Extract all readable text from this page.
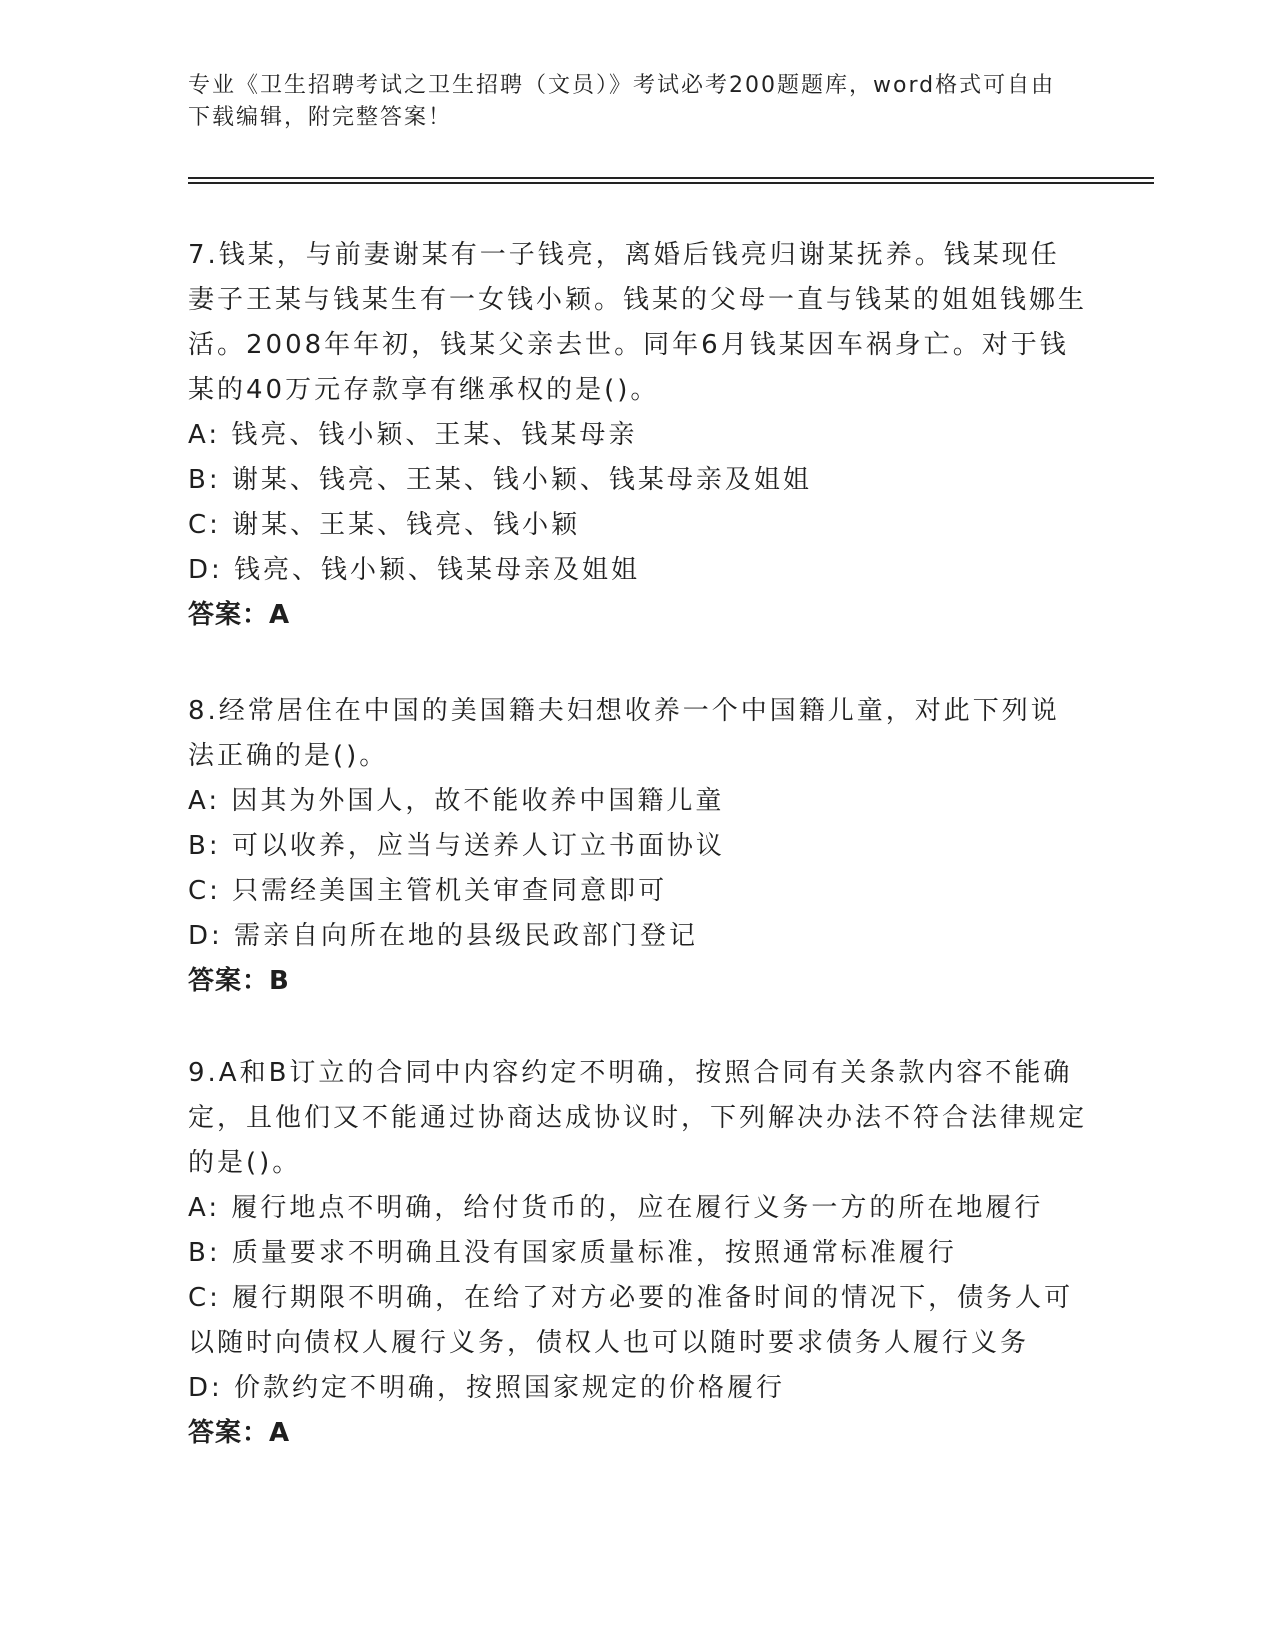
专业《卫生招聘考试之卫生招聘（文员）》考试必考200题题库，word格式可自由下载编辑，附完整答案！

7.钱某，与前妻谢某有一子钱亮，离婚后钱亮归谢某抚养。钱某现任妻子王某与钱某生有一女钱小颖。钱某的父母一直与钱某的姐姐钱娜生活。2008年年初，钱某父亲去世。同年6月钱某因车祸身亡。对于钱某的40万元存款享有继承权的是()。

A: 钱亮、钱小颖、王某、钱某母亲

B: 谢某、钱亮、王某、钱小颖、钱某母亲及姐姐

C: 谢某、王某、钱亮、钱小颖

D: 钱亮、钱小颖、钱某母亲及姐姐

答案：A

8.经常居住在中国的美国籍夫妇想收养一个中国籍儿童，对此下列说法正确的是()。

A: 因其为外国人，故不能收养中国籍儿童

B: 可以收养，应当与送养人订立书面协议

C: 只需经美国主管机关审查同意即可

D: 需亲自向所在地的县级民政部门登记

答案：B

9.A和B订立的合同中内容约定不明确，按照合同有关条款内容不能确定，且他们又不能通过协商达成协议时，下列解决办法不符合法律规定的是()。

A: 履行地点不明确，给付货币的，应在履行义务一方的所在地履行

B: 质量要求不明确且没有国家质量标准，按照通常标准履行

C: 履行期限不明确，在给了对方必要的准备时间的情况下，债务人可以随时向债权人履行义务，债权人也可以随时要求债务人履行义务

D: 价款约定不明确，按照国家规定的价格履行

答案：A
